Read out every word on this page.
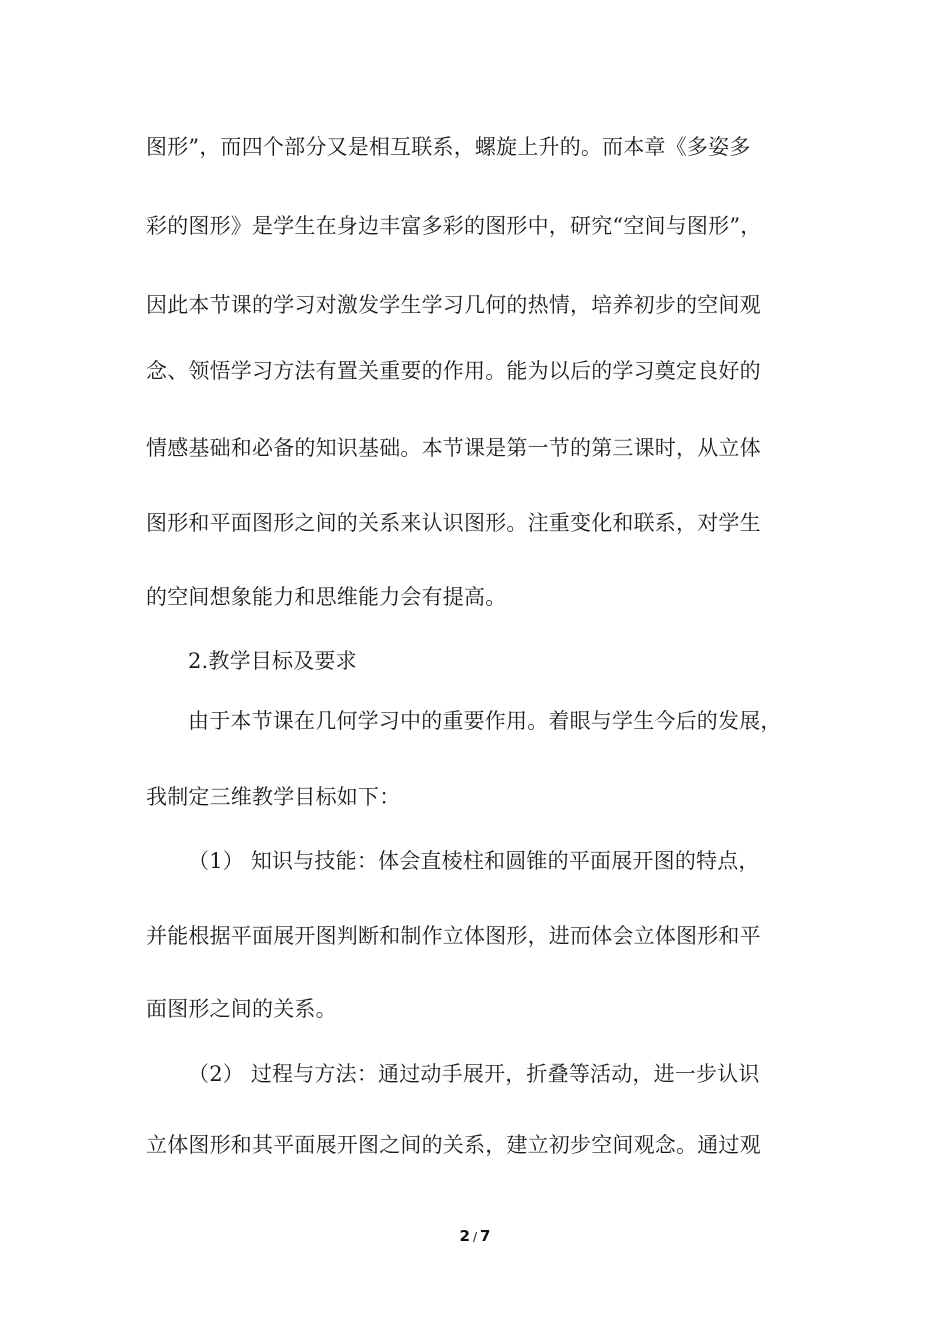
图形”，而四个部分又是相互联系，螺旋上升的。而本章《多姿多
彩的图形》是学生在身边丰富多彩的图形中，研究“空间与图形”，
因此本节课的学习对激发学生学习几何的热情，培养初步的空间观
念、领悟学习方法有置关重要的作用。能为以后的学习奠定良好的
情感基础和必备的知识基础。本节课是第一节的第三课时，从立体
图形和平面图形之间的关系来认识图形。注重变化和联系，对学生
的空间想象能力和思维能力会有提高。
2.教学目标及要求
由于本节课在几何学习中的重要作用。着眼与学生今后的发展，
我制定三维教学目标如下：
（1） 知识与技能：体会直棱柱和圆锥的平面展开图的特点，
并能根据平面展开图判断和制作立体图形，进而体会立体图形和平
面图形之间的关系。
（2） 过程与方法：通过动手展开，折叠等活动，进一步认识
立体图形和其平面展开图之间的关系，建立初步空间观念。通过观
2 / 7
